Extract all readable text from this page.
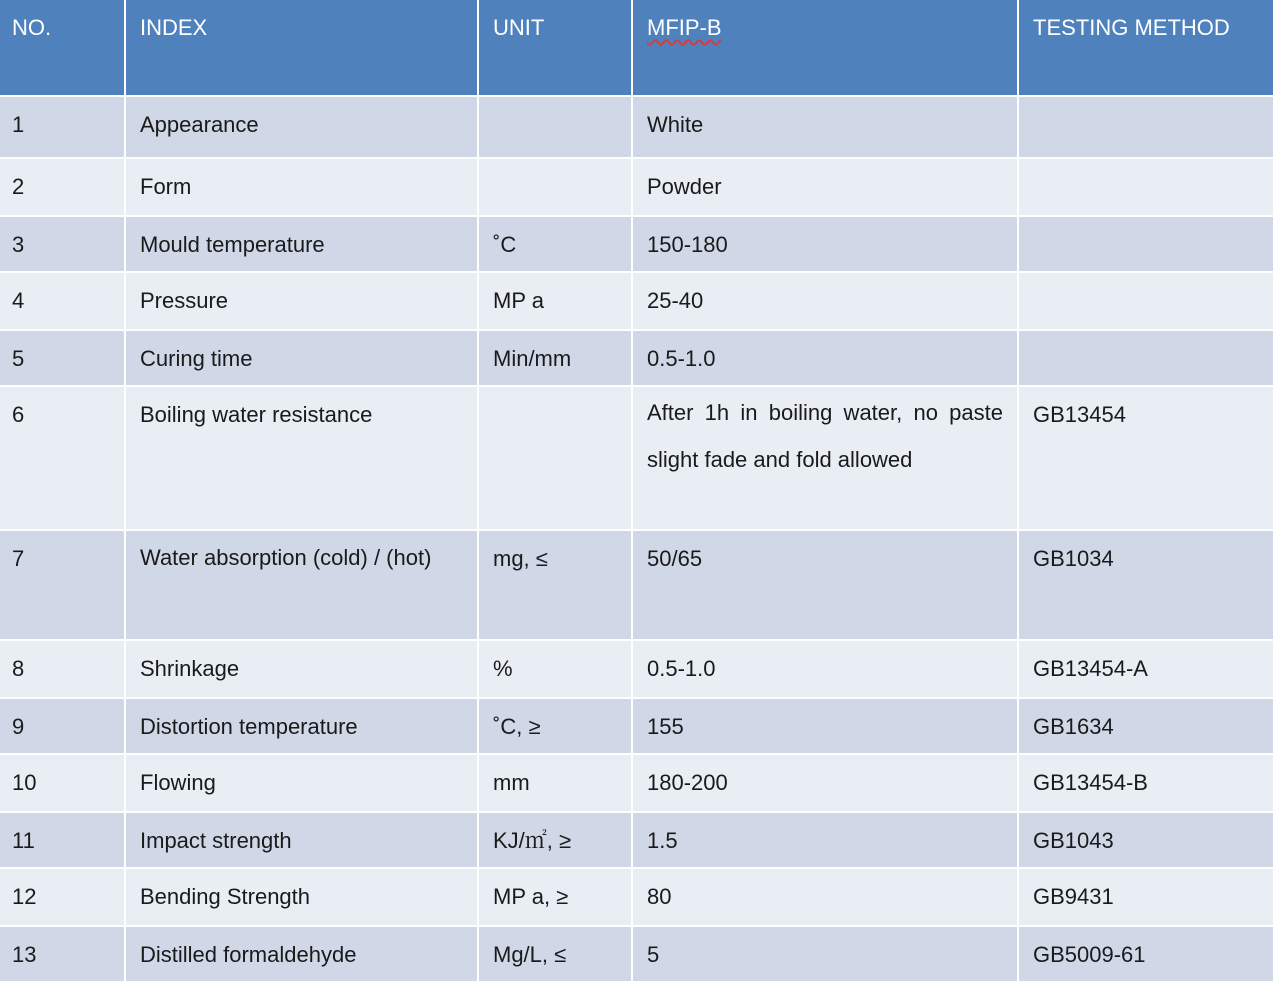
NO.	INDEX	UNIT	MFIP-B	TESTING METHOD
1	Appearance		White	
2	Form		Powder	
3	Mould temperature	˚C	150-180	
4	Pressure	MP a	25-40	
5	Curing time	Min/mm	0.5-1.0	
6	Boiling water resistance		After 1h in boiling water, no paste slight fade and fold allowed	GB13454
7	Water absorption (cold) / (hot)	mg, ≤	50/65	GB1034
8	Shrinkage	%	0.5-1.0	GB13454-A
9	Distortion temperature	˚C, ≥	155	GB1634
10	Flowing	mm	180-200	GB13454-B
11	Impact strength	KJ/㎡, ≥	1.5	GB1043
12	Bending Strength	MP a, ≥	80	GB9431
13	Distilled formaldehyde	Mg/L, ≤	5	GB5009-61
